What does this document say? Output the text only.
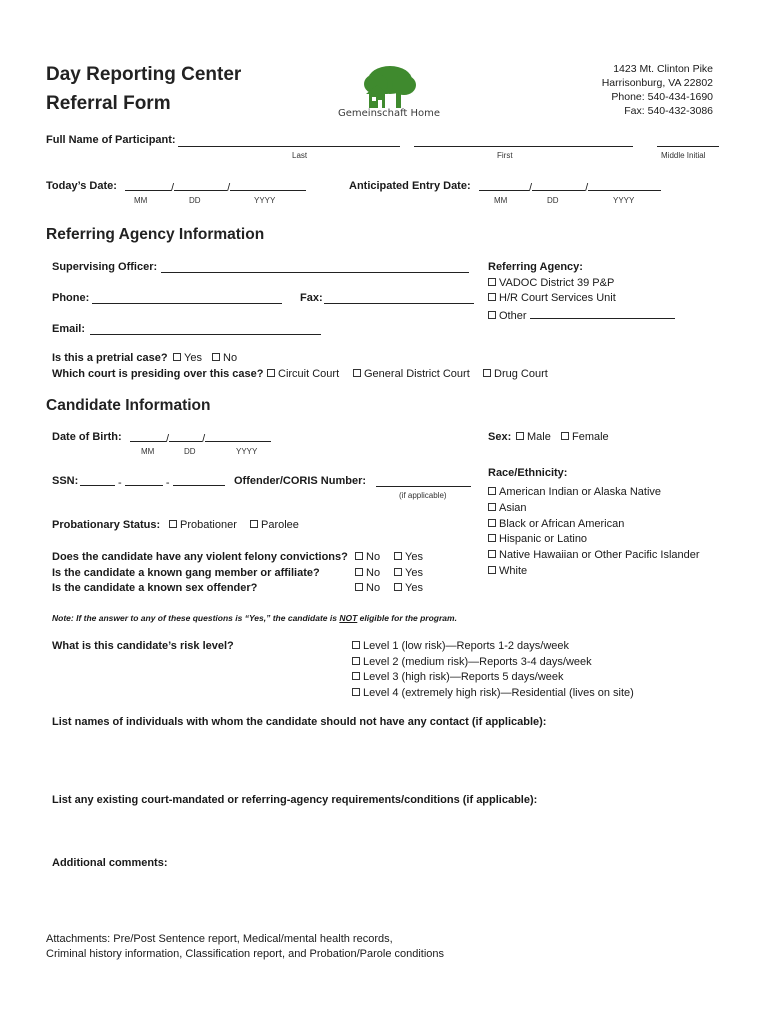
Day Reporting Center
Referral Form	Gemeinschaft Home
1423 Mt. Clinton Pike
Harrisonburg, VA 22802
Phone: 540-434-1690
Fax: 540-432-3086
Full Name of Participant:
Last	First	Middle Initial
Today’s Date:	/	/
MM	DD	YYYY
Anticipated Entry Date:	/	/
MM	DD	YYYY
Referring Agency Information
Supervising Officer:
Phone:	Fax:
Email:
Referring Agency:
VADOC District 39 P&P
H/R Court Services Unit
Other
Is this a pretrial case?	Yes	No
Which court is presiding over this case?	Circuit Court	General District Court	Drug Court
Candidate Information
Date of Birth:	/	/
MM	DD	YYYY
Sex:	Male	Female
SSN:	-	-	Offender/CORIS Number:
(if applicable)
Race/Ethnicity:
American Indian or Alaska Native
Asian
Black or African American
Hispanic or Latino
Native Hawaiian or Other Pacific Islander
White
Probationary Status:	Probationer	Parolee
Does the candidate have any violent felony convictions?	No	Yes
Is the candidate a known gang member or affiliate?	No	Yes
Is the candidate a known sex offender?	No	Yes
Note: If the answer to any of these questions is “Yes,” the candidate is NOT eligible for the program.
What is this candidate’s risk level?	Level 1 (low risk)—Reports 1-2 days/week
Level 2 (medium risk)—Reports 3-4 days/week
Level 3 (high risk)—Reports 5 days/week
Level 4 (extremely high risk)—Residential (lives on site)
List names of individuals with whom the candidate should not have any contact (if applicable):
List any existing court-mandated or referring-agency requirements/conditions (if applicable):
Additional comments:
Attachments: Pre/Post Sentence report, Medical/mental health records,
Criminal history information, Classification report, and Probation/Parole conditions
